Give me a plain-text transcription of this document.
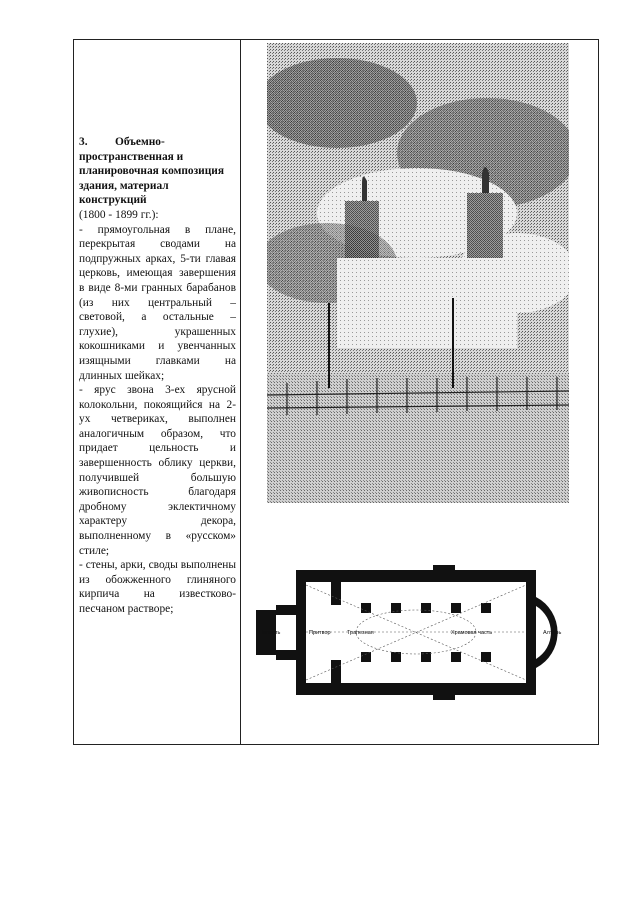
3.	Объемно-
пространственная и планировочная композиция здания, материал конструкций
(1800 - 1899 гг.):
- прямоугольная в плане, перекрытая сводами на подпружных арках, 5-ти главая церковь, имеющая завершения в виде 8-ми гранных барабанов (из них центральный – световой, а остальные – глухие), украшенных кокошниками и увенчанных изящными главками на длинных шейках;
- ярус звона 3-ех ярусной колокольни, покоящийся на 2-ух четвериках, выполнен аналогичным образом, что придает цельность и завершенность облику церкви, получившей большую живописность благодаря дробному эклектичному характеру декора, выполненному в «русском» стиле;
- стены, арки, своды выполнены из обожженного глиняного кирпича на известково-песчаном растворе;
Паперть	Притвор	Трапезная	Храмовая часть	Алтарь
